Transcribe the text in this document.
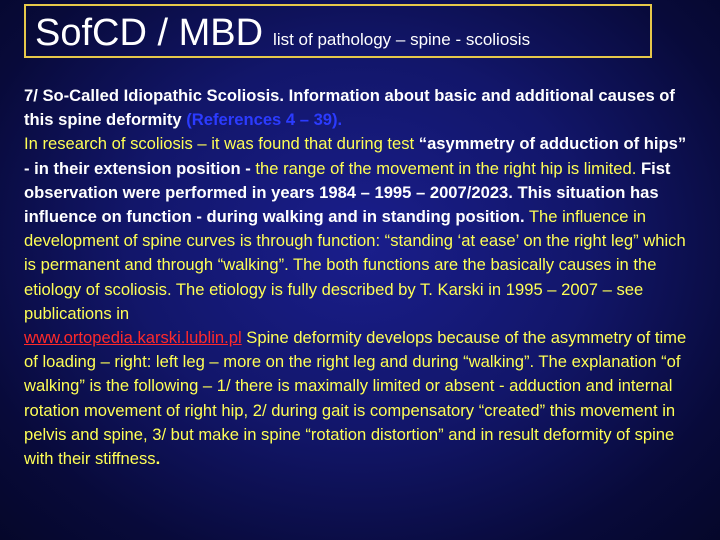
SofCD / MBD list of pathology – spine - scoliosis
7/ So-Called Idiopathic Scoliosis. Information about basic and additional causes of this spine deformity (References 4 – 39).
In research of scoliosis – it was found that during test “asymmetry of adduction of hips” - in their extension position - the range of the movement in the right hip is limited. Fist observation were performed in years 1984 – 1995 – 2007/2023. This situation has influence on function - during walking and in standing position. The influence in development of spine curves is through function: “standing ‘at ease’ on the right leg” which is permanent and through “walking”. The both functions are the basically causes in the etiology of scoliosis. The etiology is fully described by T. Karski in 1995 – 2007 – see publications in
www.ortopedia.karski.lublin.pl Spine deformity develops because of the asymmetry of time of loading – right: left leg – more on the right leg and during “walking”. The explanation “of walking” is the following – 1/ there is maximally limited or absent - adduction and internal rotation movement of right hip, 2/ during gait is compensatory “created” this movement in pelvis and spine, 3/ but make in spine “rotation distortion” and in result deformity of spine with their stiffness.
